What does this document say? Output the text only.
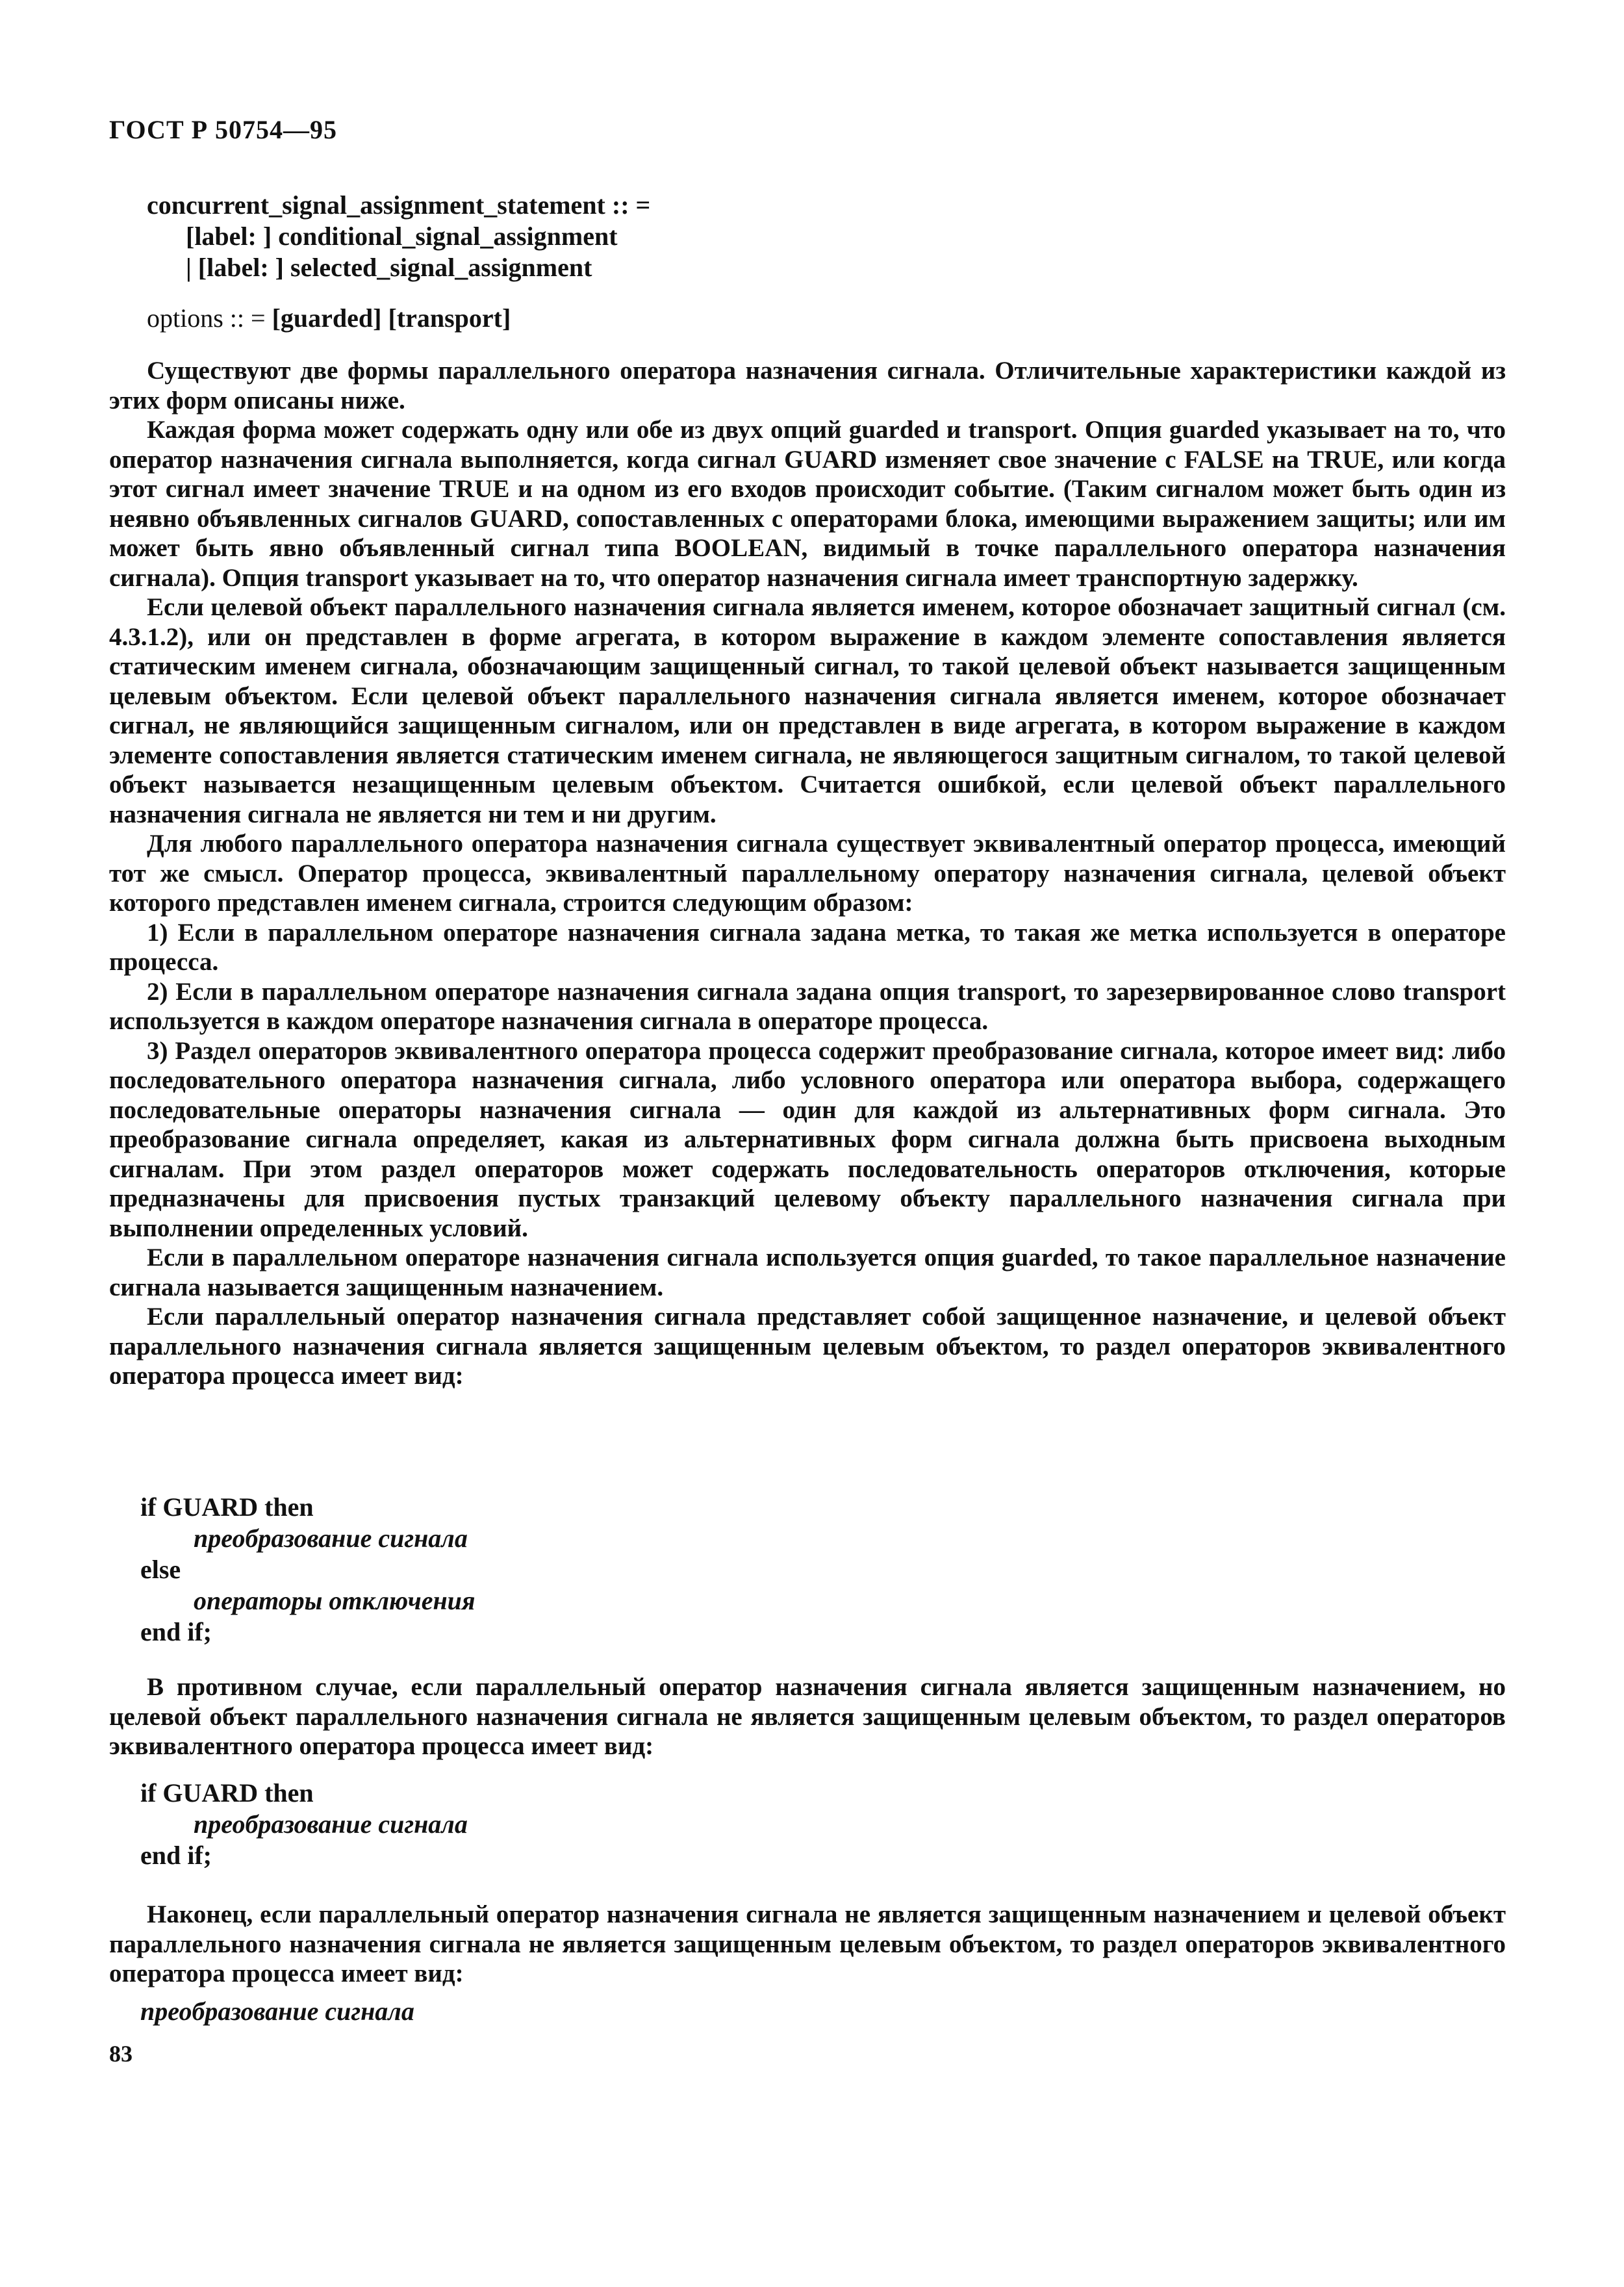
ГОСТ Р 50754—95
concurrent_signal_assignment_statement :: =
[label: ] conditional_signal_assignment
| [label: ] selected_signal_assignment
options :: = [guarded] [transport]

Существуют две формы параллельного оператора назначения сигнала. Отличительные характеристики каждой из этих форм описаны ниже.

Каждая форма может содержать одну или обе из двух опций guarded и transport. Опция guarded указывает на то, что оператор назначения сигнала выполняется, когда сигнал GUARD изменяет свое значение с FALSE на TRUE, или когда этот сигнал имеет значение TRUE и на одном из его входов происходит событие. (Таким сигналом может быть один из неявно объявленных сигналов GUARD, сопоставленных с операторами блока, имеющими выражением защиты; или им может быть явно объявленный сигнал типа BOOLEAN, видимый в точке параллельного оператора назначения сигнала). Опция transport указывает на то, что оператор назначения сигнала имеет транспортную задержку.

Если целевой объект параллельного назначения сигнала является именем, которое обозначает защитный сигнал (см. 4.3.1.2), или он представлен в форме агрегата, в котором выражение в каждом элементе сопоставления является статическим именем сигнала, обозначающим защищенный сигнал, то такой целевой объект называется защищенным целевым объектом. Если целевой объект параллельного назначения сигнала является именем, которое обозначает сигнал, не являющийся защищенным сигналом, или он представлен в виде агрегата, в котором выражение в каждом элементе сопоставления является статическим именем сигнала, не являющегося защитным сигналом, то такой целевой объект называется незащищенным целевым объектом. Считается ошибкой, если целевой объект параллельного назначения сигнала не является ни тем и ни другим.

Для любого параллельного оператора назначения сигнала существует эквивалентный оператор процесса, имеющий тот же смысл. Оператор процесса, эквивалентный параллельному оператору назначения сигнала, целевой объект которого представлен именем сигнала, строится следующим образом:

1) Если в параллельном операторе назначения сигнала задана метка, то такая же метка используется в операторе процесса.

2) Если в параллельном операторе назначения сигнала задана опция transport, то зарезервированное слово transport используется в каждом операторе назначения сигнала в операторе процесса.

3) Раздел операторов эквивалентного оператора процесса содержит преобразование сигнала, которое имеет вид: либо последовательного оператора назначения сигнала, либо условного оператора или оператора выбора, содержащего последовательные операторы назначения сигнала — один для каждой из альтернативных форм сигнала. Это преобразование сигнала определяет, какая из альтернативных форм сигнала должна быть присвоена выходным сигналам. При этом раздел операторов может содержать последовательность операторов отключения, которые предназначены для присвоения пустых транзакций целевому объекту параллельного назначения сигнала при выполнении определенных условий.

Если в параллельном операторе назначения сигнала используется опция guarded, то такое параллельное назначение сигнала называется защищенным назначением.

Если параллельный оператор назначения сигнала представляет собой защищенное назначение, и целевой объект параллельного назначения сигнала является защищенным целевым объектом, то раздел операторов эквивалентного оператора процесса имеет вид:

if GUARD then
преобразование сигнала
else
операторы отключения
end if;

В противном случае, если параллельный оператор назначения сигнала является защищенным назначением, но целевой объект параллельного назначения сигнала не является защищенным целевым объектом, то раздел операторов эквивалентного оператора процесса имеет вид:

if GUARD then
преобразование сигнала
end if;

Наконец, если параллельный оператор назначения сигнала не является защищенным назначением и целевой объект параллельного назначения сигнала не является защищенным целевым объектом, то раздел операторов эквивалентного оператора процесса имеет вид:

преобразование сигнала
83
